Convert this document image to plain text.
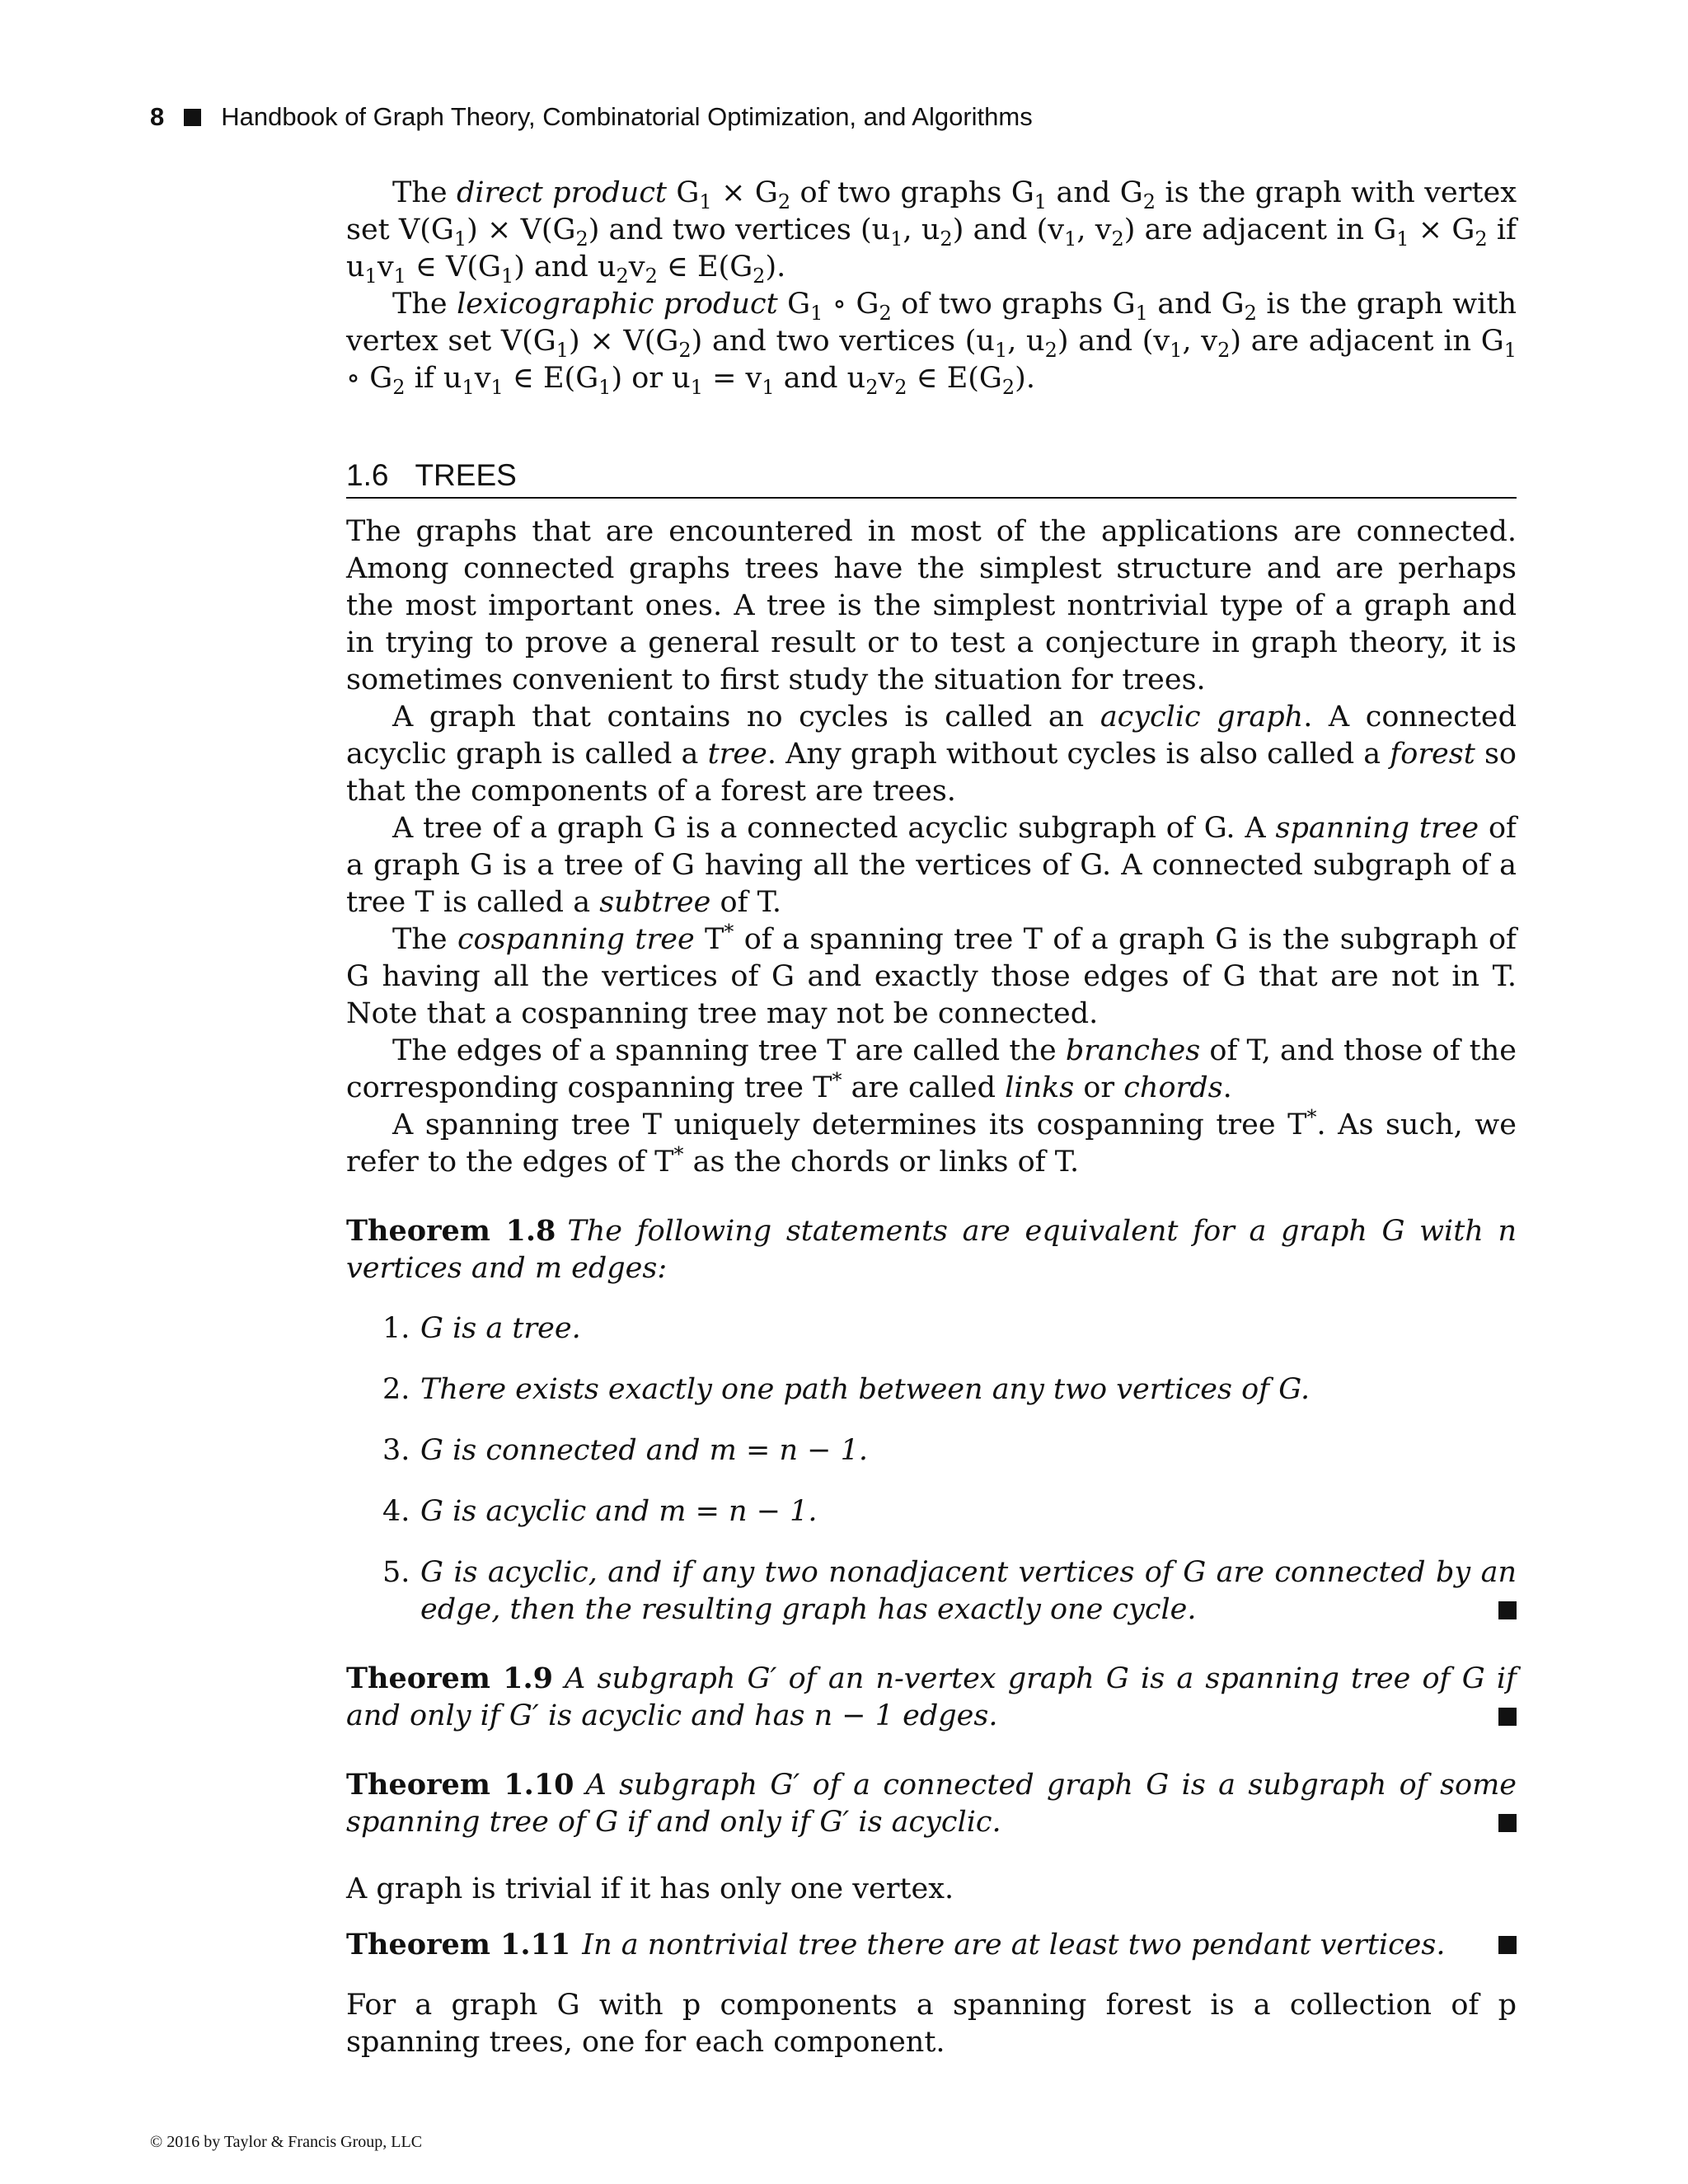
8 Handbook of Graph Theory, Combinatorial Optimization, and Algorithms

The direct product $G_1 \times G_2$ of two graphs $G_1$ and $G_2$ is the graph with vertex set $V(G_1) \times V(G_2)$ and two vertices ($u_1$, $u_2$) and ($v_1$, $v_2$) are adjacent in $G_1 \times G_2$ if $u_1v_1$ ∈ $V(G_1)$ and $u_2v_2$ ∈ $E(G_2)$.

The lexicographic product $G_1$ ∘ $G_2$ of two graphs $G_1$ and $G_2$ is the graph with vertex set $V(G_1) \times V(G_2)$ and two vertices ($u_1$, $u_2$) and ($v_1$, $v_2$) are adjacent in $G_1$ ∘ $G_2$ if $u_1v_1$ ∈ $E(G_1)$ or $u_1 = v_1$ and $u_2v_2$ ∈ $E(G_2)$.

1.6 TREES

The graphs that are encountered in most of the applications are connected. Among connected graphs trees have the simplest structure and are perhaps the most important ones. A tree is the simplest nontrivial type of a graph and in trying to prove a general result or to test a conjecture in graph theory, it is sometimes convenient to first study the situation for trees.

A graph that contains no cycles is called an acyclic graph. A connected acyclic graph is called a tree. Any graph without cycles is also called a forest so that the components of a forest are trees.

A tree of a graph G is a connected acyclic subgraph of G. A spanning tree of a graph G is a tree of G having all the vertices of G. A connected subgraph of a tree T is called a subtree of T.

The cospanning tree T* of a spanning tree T of a graph G is the subgraph of G having all the vertices of G and exactly those edges of G that are not in T. Note that a cospanning tree may not be connected.

The edges of a spanning tree T are called the branches of T, and those of the corresponding cospanning tree T* are called links or chords.

A spanning tree T uniquely determines its cospanning tree T*. As such, we refer to the edges of T* as the chords or links of T.

Theorem 1.8 The following statements are equivalent for a graph G with n vertices and m edges:
1. G is a tree.
2. There exists exactly one path between any two vertices of G.
3. G is connected and m = n − 1.
4. G is acyclic and m = n − 1.
5. G is acyclic, and if any two nonadjacent vertices of G are connected by an edge, then the resulting graph has exactly one cycle.
Theorem 1.9 A subgraph G′ of an n-vertex graph G is a spanning tree of G if and only if G′ is acyclic and has n − 1 edges.
Theorem 1.10 A subgraph G′ of a connected graph G is a subgraph of some spanning tree of G if and only if G′ is acyclic.

A graph is trivial if it has only one vertex.

Theorem 1.11 In a nontrivial tree there are at least two pendant vertices.

For a graph G with p components a spanning forest is a collection of p spanning trees, one for each component.

© 2016 by Taylor & Francis Group, LLC
